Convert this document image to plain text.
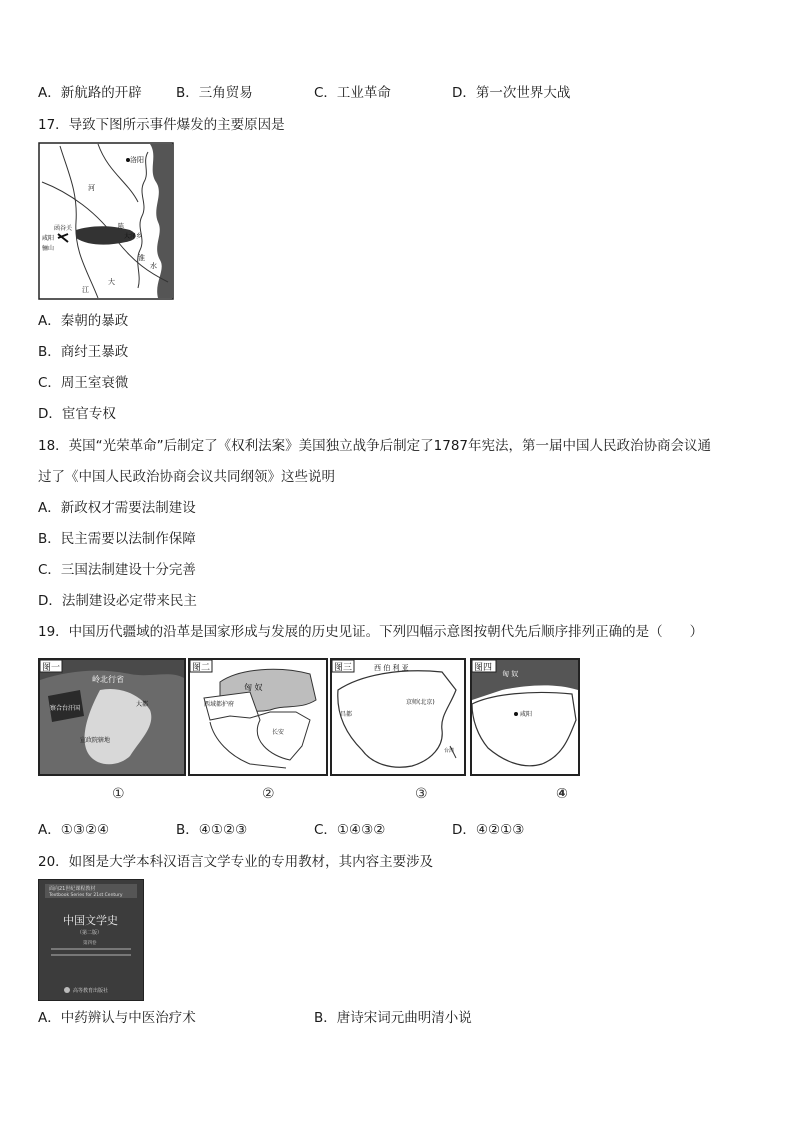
A．新航路的开辟	B．三角贸易	C．工业革命	D．第一次世界大战
17．导致下图所示事件爆发的主要原因是
洛阳
河
函谷关
咸阳
骊山
陈
大泽乡
淮
水
江
大
A．秦朝的暴政
B．商纣王暴政
C．周王室衰微
D．宦官专权
18．英国“光荣革命”后制定了《权利法案》美国独立战争后制定了1787年宪法，第一届中国人民政治协商会议通
过了《中国人民政治协商会议共同纲领》这些说明
A．新政权才需要法制建设
B．民主需要以法制作保障
C．三国法制建设十分完善
D．法制建设必定带来民主
19．中国历代疆域的沿革是国家形成与发展的历史见证。下列四幅示意图按朝代先后顺序排列正确的是（　　）
图一
岭北行省
察合台汗国
宣政院辖地
大都
①
图二
匈 奴
西域都护府
长安
②
图三	西 伯 利 亚
昌都
京师(北京)
台湾
③
图四
匈 奴
咸阳
④
A．①③②④	B．④①②③	C．①④③②	D．④②①③
20．如图是大学本科汉语言文学专业的专用教材，其内容主要涉及
面向21世纪课程教材
Textbook Series for 21st Century
中国文学史
（第二版）
第四卷
高等教育出版社
A．中药辨认与中医治疗术	B．唐诗宋词元曲明清小说
